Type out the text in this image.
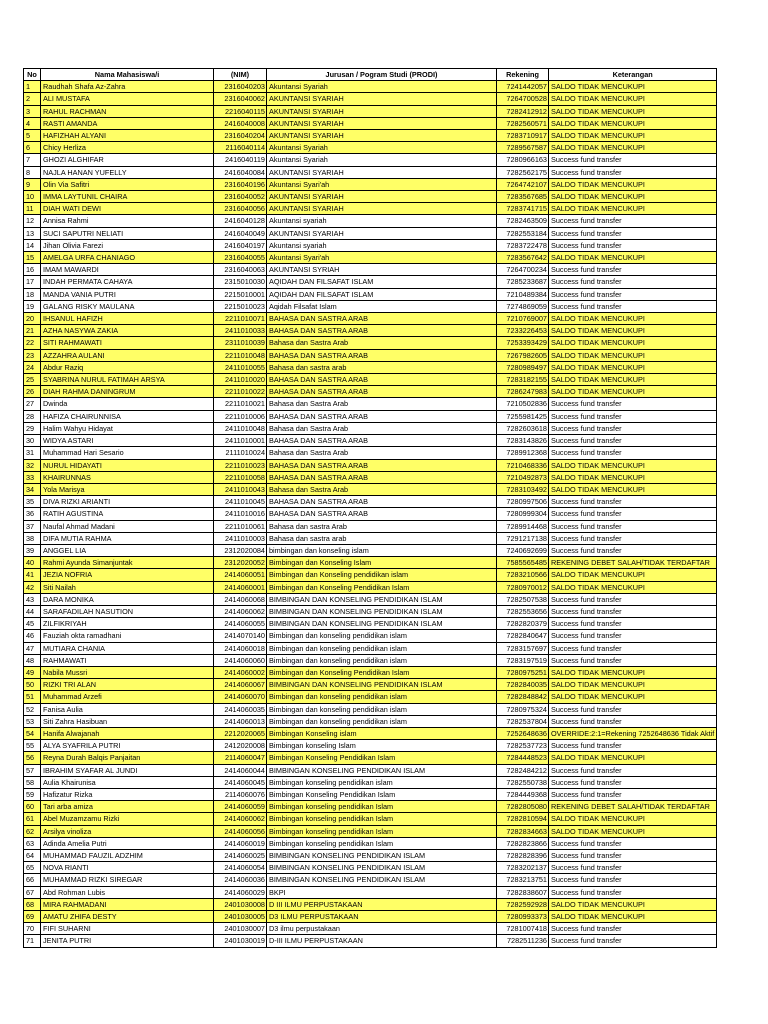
No	Nama Mahasiswa/i	(NIM)	Jurusan / Pogram Studi (PRODI)	Rekening	Keterangan
1	Raudhah Shafa Az-Zahra	2316040203	Akuntansi Syariah	7241442057	SALDO TIDAK MENCUKUPI
2	ALI MUSTAFA	2316040062	AKUNTANSI SYARIAH	7264700528	SALDO TIDAK MENCUKUPI
3	RAHUL RACHMAN	2216040115	AKUNTANSI SYARIAH	7282412912	SALDO TIDAK MENCUKUPI
4	RASTI AMANDA	2416040008	AKUNTANSI SYARIAH	7282560571	SALDO TIDAK MENCUKUPI
5	HAFIZHAH ALYANI	2316040204	AKUNTANSI SYARIAH	7283710917	SALDO TIDAK MENCUKUPI
6	Chicy Herliza	2116040114	Akuntansi Syariah	7289567587	SALDO TIDAK MENCUKUPI
7	GHOZI ALGHIFAR	2416040119	Akuntansi Syariah	7280966163	Success fund transfer
8	NAJLA HANAN YUFELLY	2416040084	AKUNTANSI SYARIAH	7282562175	Success fund transfer
9	Olin Via Safitri	2316040196	Akuntansi Syari'ah	7264742107	SALDO TIDAK MENCUKUPI
10	IMMA LAYTUNIL CHAIRA	2316040052	AKUNTANSI SYARIAH	7283567685	SALDO TIDAK MENCUKUPI
11	DIAH WATI DEWI	2316040056	AKUNTANSI SYARIAH	7283741715	SALDO TIDAK MENCUKUPI
12	Annisa Rahmi	2416040128	Akuntansi syariah	7282463509	Success fund transfer
13	SUCI SAPUTRI NELIATI	2416040049	AKUNTANSI SYARIAH	7282553184	Success fund transfer
14	Jihan Olivia Farezi	2416040197	Akuntansi syariah	7283722478	Success fund transfer
15	AMELGA URFA CHANIAGO	2316040055	Akuntansi Syari'ah	7283567642	SALDO TIDAK MENCUKUPI
16	IMAM MAWARDI	2316040063	AKUNTANSI SYRIAH	7264700234	Success fund transfer
17	INDAH PERMATA CAHAYA	2315010030	AQIDAH DAN FILSAFAT ISLAM	7285233687	Success fund transfer
18	MANDA VANIA PUTRI	2215010001	AQIDAH DAN FILSAFAT ISLAM	7210489384	Success fund transfer
19	GALANG RISKY MAULANA	2215010023	Aqidah Filsafat Islam	7274869059	Success fund transfer
20	IHSANUL HAFIZH	2211010071	BAHASA DAN SASTRA ARAB	7210769007	SALDO TIDAK MENCUKUPI
21	AZHA NASYWA ZAKIA	2411010033	BAHASA DAN SASTRA ARAB	7233226453	SALDO TIDAK MENCUKUPI
22	SITI RAHMAWATI	2311010039	Bahasa dan Sastra Arab	7253393429	SALDO TIDAK MENCUKUPI
23	AZZAHRA AULANI	2211010048	BAHASA DAN SASTRA ARAB	7267982605	SALDO TIDAK MENCUKUPI
24	Abdur Raziq	2411010055	Bahasa dan sastra arab	7280989497	SALDO TIDAK MENCUKUPI
25	SYABRINA NURUL FATIMAH ARSYA	2411010020	BAHASA DAN SASTRA ARAB	7283182155	SALDO TIDAK MENCUKUPI
26	DIAH RAHMA DANINGRUM	2211010022	BAHASA DAN SASTRA ARAB	7286247983	SALDO TIDAK MENCUKUPI
27	Dwinda	2211010021	Bahasa dan Sastra Arab	7210502836	Success fund transfer
28	HAFIZA CHAIRUNNISA	2211010006	BAHASA DAN SASTRA ARAB	7255981425	Success fund transfer
29	Halim Wahyu Hidayat	2411010048	Bahasa dan Sastra Arab	7282603618	Success fund transfer
30	WIDYA ASTARI	2411010001	BAHASA DAN SASTRA ARAB	7283143826	Success fund transfer
31	Muhammad Hari Sesario	2111010024	Bahasa dan Sastra Arab	7289912368	Success fund transfer
32	NURUL HIDAYATI	2211010023	BAHASA DAN SASTRA ARAB	7210468336	SALDO TIDAK MENCUKUPI
33	KHAIRUNNAS	2211010058	BAHASA DAN SASTRA ARAB	7210492873	SALDO TIDAK MENCUKUPI
34	Yola Marisya	2411010043	Bahasa dan Sastra Arab	7283103492	SALDO TIDAK MENCUKUPI
35	DIVA RIZKI ARIANTI	2411010045	BAHASA DAN SASTRA ARAB	7280997506	Success fund transfer
36	RATIH AGUSTINA	2411010016	BAHASA DAN SASTRA ARAB	7280999304	Success fund transfer
37	Naufal Ahmad Madani	2211010061	Bahasa dan sastra Arab	7289914468	Success fund transfer
38	DIFA MUTIA RAHMA	2411010003	Bahasa dan sastra arab	7291217138	Success fund transfer
39	ANGGEL LIA	2312020084	bimbingan dan konseling islam	7240692699	Success fund transfer
40	Rahmi Ayunda Simanjuntak	2312020052	Bimbingan dan Konseling Islam	7585565485	REKENING DEBET SALAH/TIDAK TERDAFTAR
41	JEZIA NOFRIA	2414060051	Bimbingan dan Konseling pendidikan islam	7283210566	SALDO TIDAK MENCUKUPI
42	Siti Nailah	2414060001	Bimbingan dan Konseling Pendidikan Islam	7280970012	SALDO TIDAK MENCUKUPI
43	DARA MONIKA	2414060068	BIMBINGAN DAN KONSELING PENDIDIKAN ISLAM	7282507538	Success fund transfer
44	SARAFADILAH NASUTION	2414060062	BIMBINGAN DAN KONSELING PENDIDIKAN ISLAM	7282553656	Success fund transfer
45	ZILFIKRIYAH	2414060055	BIMBINGAN DAN KONSELING PENDIDIKAN ISLAM	7282820379	Success fund transfer
46	Fauziah okta ramadhani	2414070140	Bimbingan dan konseling pendidikan islam	7282840647	Success fund transfer
47	MUTIARA CHANIA	2414060018	Bimbingan dan konseling pendidikan islam	7283157697	Success fund transfer
48	RAHMAWATI	2414060060	Bimbingan dan konseling pendidikan islam	7283197519	Success fund transfer
49	Nabila Mussri	2414060002	Bimbingan dan Konseling Pendidikan Islam	7280975251	SALDO TIDAK MENCUKUPI
50	RIZKI TRI ALAN	2414060067	BIMBINGAN DAN KONSELING PENDIDIKAN ISLAM	7282840035	SALDO TIDAK MENCUKUPI
51	Muhammad Arzefi	2414060070	Bimbingan dan konseling pendidikan islam	7282848842	SALDO TIDAK MENCUKUPI
52	Fanisa Aulia	2414060035	Bimbingan dan konseling pendidikan islam	7280975324	Success fund transfer
53	Siti Zahra Hasibuan	2414060013	Bimbingan dan konseling pendidikan islam	7282537804	Success fund transfer
54	Hanifa Alwajanah	2212020065	Bimbingan Konseling islam	7252648636	OVERRIDE:2:1=Rekening 7252648636 Tidak Aktif
55	ALYA SYAFRILA PUTRI	2412020008	Bimbingan konseling Islam	7282537723	Success fund transfer
56	Reyna Durah Balqis Panjaitan	2114060047	Bimbingan Konseling Pendidikan Islam	7284448523	SALDO TIDAK MENCUKUPI
57	IBRAHIM SYAFAR AL JUNDI	2414060044	BIMBINGAN KONSELING PENDIDIKAN ISLAM	7282484212	Success fund transfer
58	Aulia Khairunisa	2414060045	Bimbingan konseling pendidikan islam	7282550738	Success fund transfer
59	Hafizatur Rizka	2114060076	Bimbingan Konseling Pendidikan Islam	7284449368	Success fund transfer
60	Tari arba amiza	2414060059	Bimbingan konseling pendidikan Islam	7282805080	REKENING DEBET SALAH/TIDAK TERDAFTAR
61	Abel Muzamzamu Rizki	2414060062	Bimbingan konseling pendidikan Islam	7282810594	SALDO TIDAK MENCUKUPI
62	Arsilya vinoliza	2414060056	Bimbingan konseling pendidikan Islam	7282834663	SALDO TIDAK MENCUKUPI
63	Adinda Amelia Putri	2414060019	Bimbingan konseling pendidikan Islam	7282823866	Success fund transfer
64	MUHAMMAD FAUZIL ADZHIM	2414060025	BIMBINGAN KONSELING PENDIDIKAN ISLAM	7282828396	Success fund transfer
65	NOVA RIANTI	2414060054	BIMBINGAN KONSELING PENDIDIKAN ISLAM	7283202137	Success fund transfer
66	MUHAMMAD RIZKI SIREGAR	2414060036	BIMBINGAN KONSELING PENDIDIKAN ISLAM	7283213751	Success fund transfer
67	Abd Rohman Lubis	2414060029	BKPI	7282838607	Success fund transfer
68	MIRA RAHMADANI	2401030008	D III ILMU PERPUSTAKAAN	7282592928	SALDO TIDAK MENCUKUPI
69	AMATU ZHIFA DESTY	2401030005	D3 ILMU PERPUSTAKAAN	7280993373	SALDO TIDAK MENCUKUPI
70	FIFI SUHARNI	2401030007	D3 ilmu perpustakaan	7281007418	Success fund transfer
71	JENITA PUTRI	2401030019	D-III ILMU PERPUSTAKAAN	7282511236	Success fund transfer
